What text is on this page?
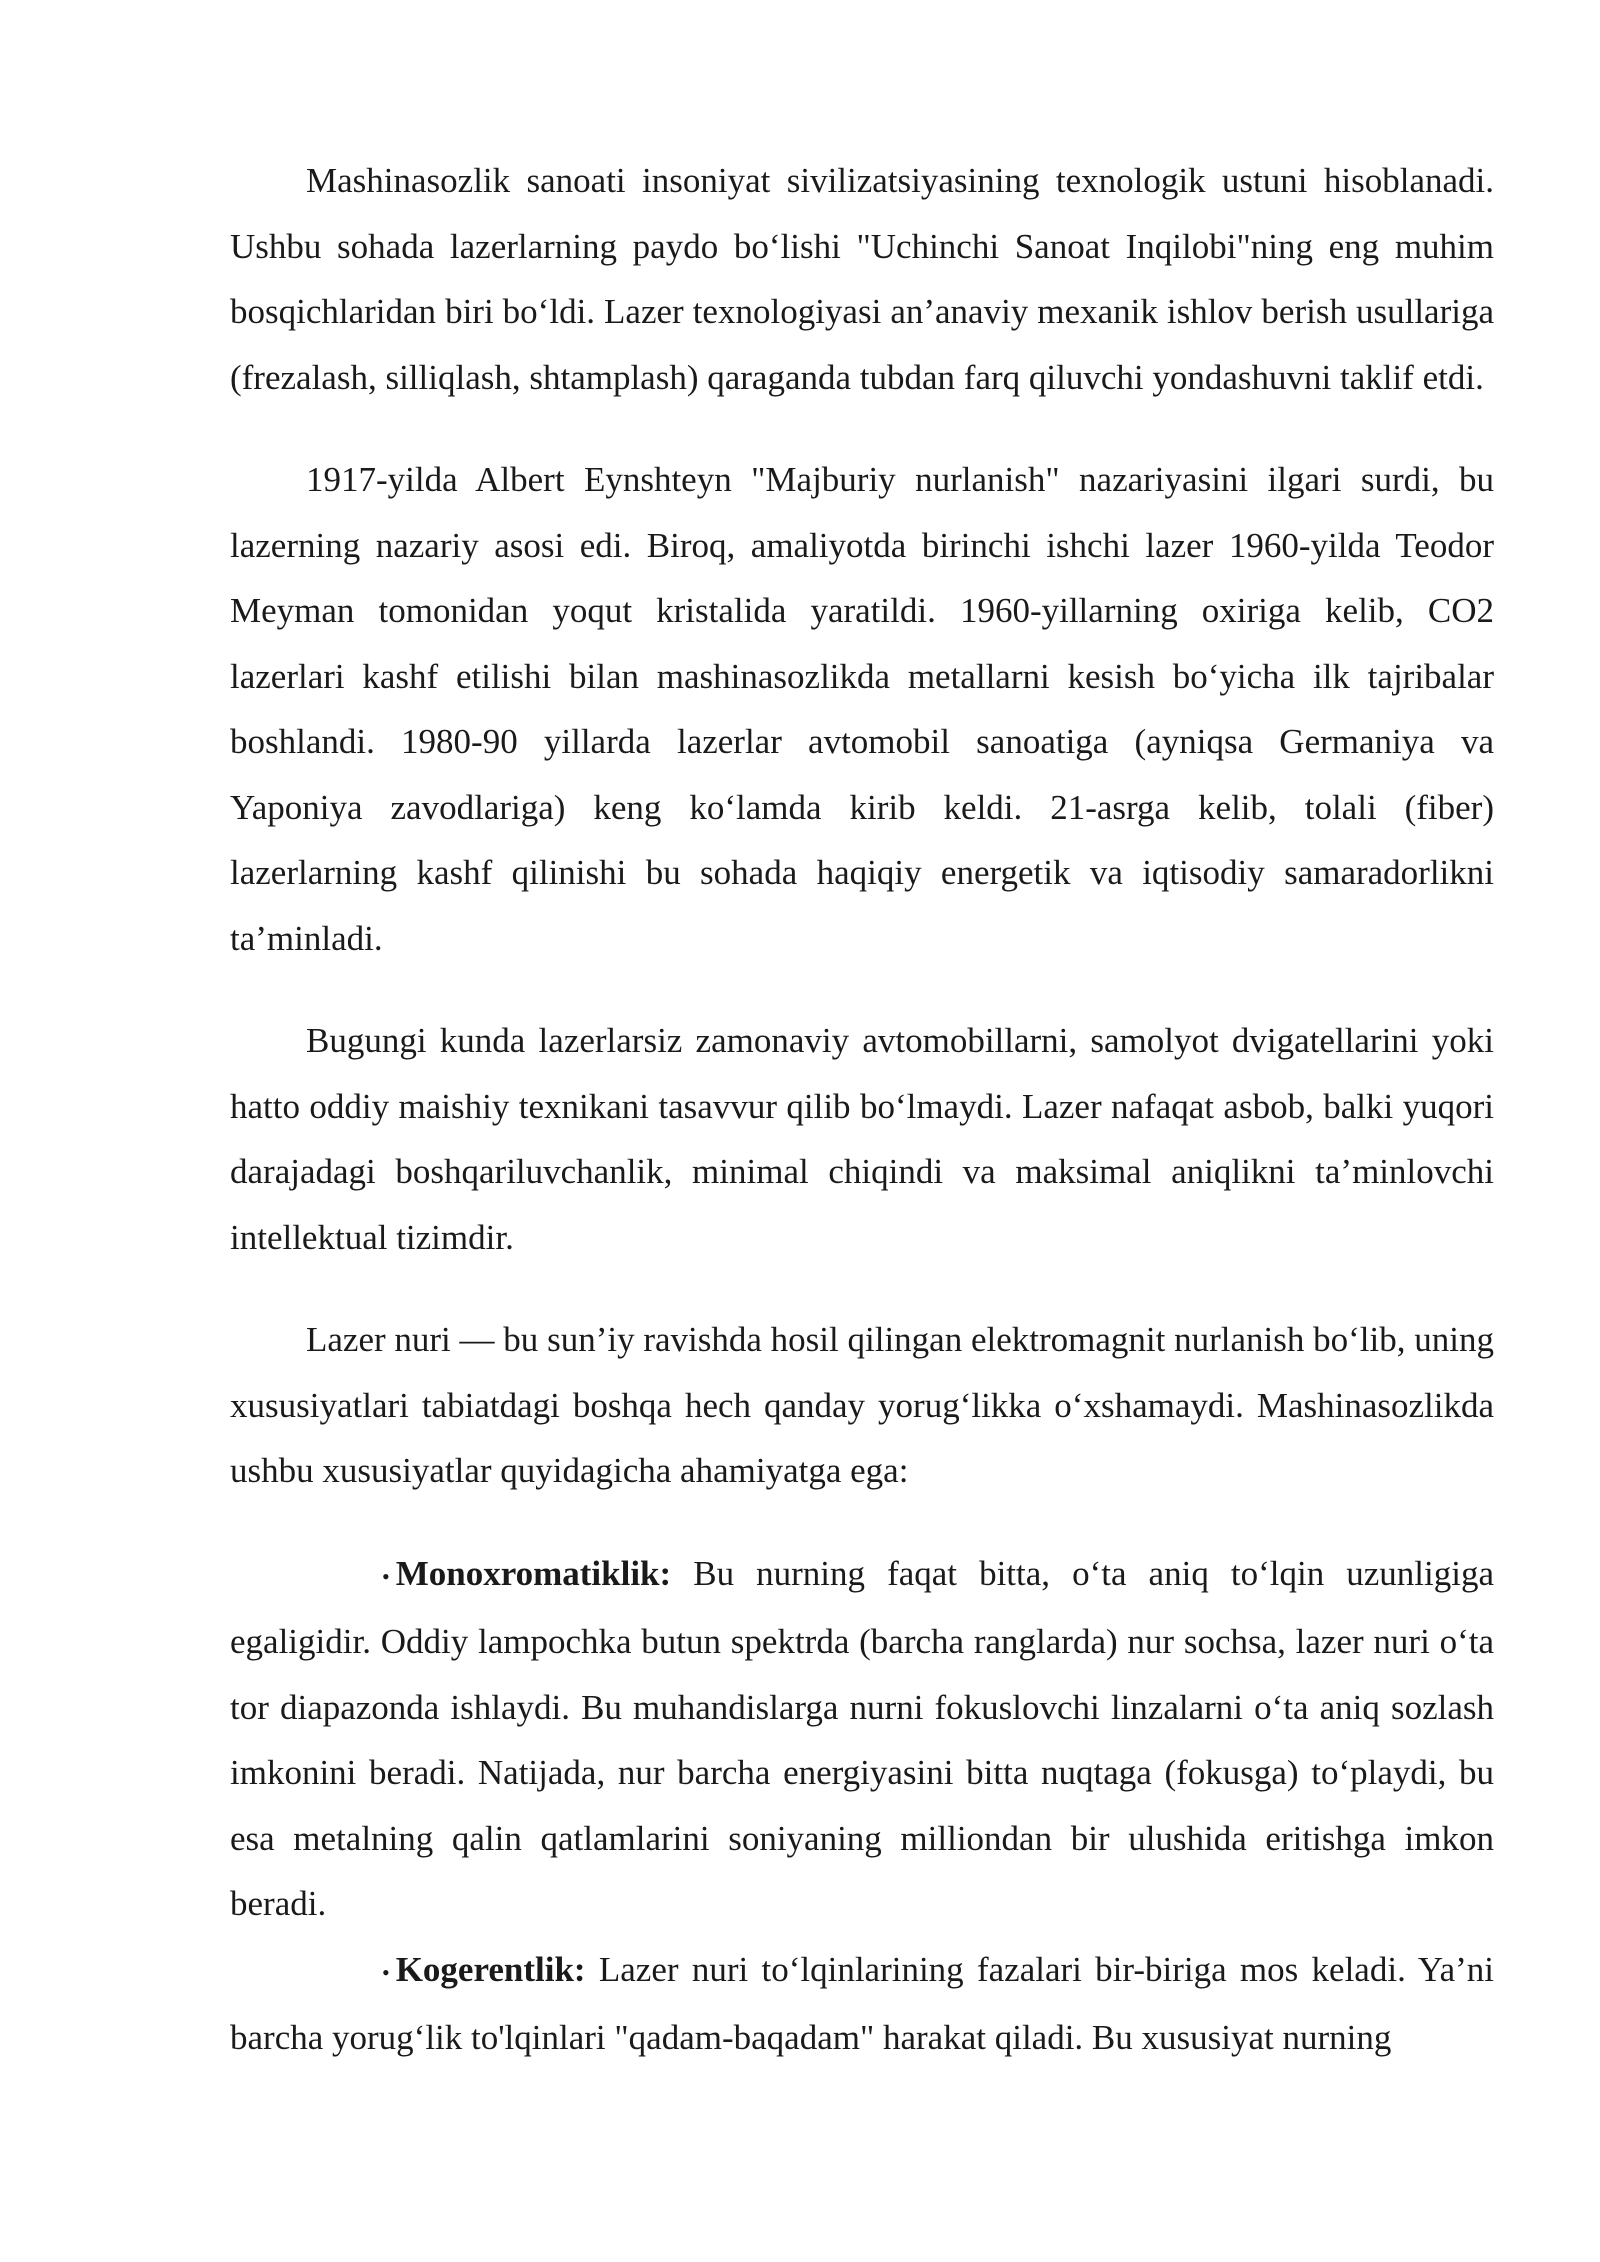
Mashinasozlik sanoati insoniyat sivilizatsiyasining texnologik ustuni hisoblanadi. Ushbu sohada lazerlarning paydo bo‘lishi "Uchinchi Sanoat Inqilobi"ning eng muhim bosqichlaridan biri bo‘ldi. Lazer texnologiyasi an’anaviy mexanik ishlov berish usullariga (frezalash, silliqlash, shtamplash) qaraganda tubdan farq qiluvchi yondashuvni taklif etdi.

1917-yilda Albert Eynshteyn "Majburiy nurlanish" nazariyasini ilgari surdi, bu lazerning nazariy asosi edi. Biroq, amaliyotda birinchi ishchi lazer 1960-yilda Teodor Meyman tomonidan yoqut kristalida yaratildi. 1960-yillarning oxiriga kelib, CO2 lazerlari kashf etilishi bilan mashinasozlikda metallarni kesish bo‘yicha ilk tajribalar boshlandi. 1980-90 yillarda lazerlar avtomobil sanoatiga (ayniqsa Germaniya va Yaponiya zavodlariga) keng ko‘lamda kirib keldi. 21-asrga kelib, tolali (fiber) lazerlarning kashf qilinishi bu sohada haqiqiy energetik va iqtisodiy samaradorlikni ta’minladi.

Bugungi kunda lazerlarsiz zamonaviy avtomobillarni, samolyot dvigatellarini yoki hatto oddiy maishiy texnikani tasavvur qilib bo‘lmaydi. Lazer nafaqat asbob, balki yuqori darajadagi boshqariluvchanlik, minimal chiqindi va maksimal aniqlikni ta’minlovchi intellektual tizimdir.

Lazer nuri — bu sun’iy ravishda hosil qilingan elektromagnit nurlanish bo‘lib, uning xususiyatlari tabiatdagi boshqa hech qanday yorug‘likka o‘xshamaydi. Mashinasozlikda ushbu xususiyatlar quyidagicha ahamiyatga ega:

• Monoxromatiklik: Bu nurning faqat bitta, o‘ta aniq to‘lqin uzunligiga egaligidir. Oddiy lampochka butun spektrda (barcha ranglarda) nur sochsa, lazer nuri o‘ta tor diapazonda ishlaydi. Bu muhandislarga nurni fokuslovchi linzalarni o‘ta aniq sozlash imkonini beradi. Natijada, nur barcha energiyasini bitta nuqtaga (fokusga) to‘playdi, bu esa metalning qalin qatlamlarini soniyaning milliondan bir ulushida eritishga imkon beradi.

• Kogerentlik: Lazer nuri to‘lqinlarining fazalari bir-biriga mos keladi. Ya’ni barcha yorug‘lik to'lqinlari "qadam-baqadam" harakat qiladi. Bu xususiyat nurning
